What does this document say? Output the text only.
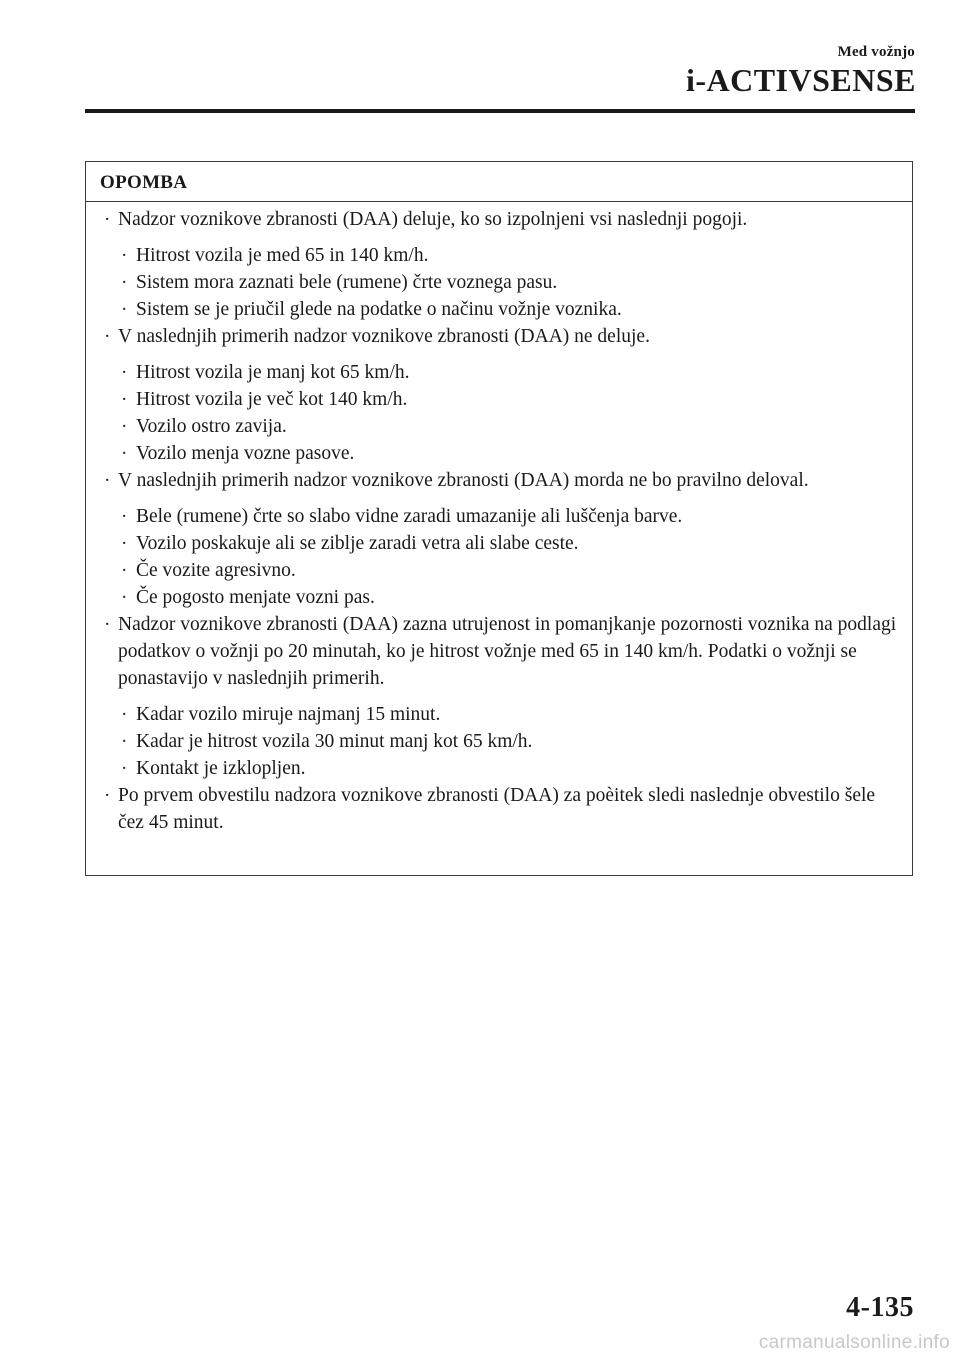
Med vožnjo
i-ACTIVSENSE
OPOMBA
· Nadzor voznikove zbranosti (DAA) deluje, ko so izpolnjeni vsi naslednji pogoji.
· Hitrost vozila je med 65 in 140 km/h.
· Sistem mora zaznati bele (rumene) črte voznega pasu.
· Sistem se je priučil glede na podatke o načinu vožnje voznika.
· V naslednjih primerih nadzor voznikove zbranosti (DAA) ne deluje.
· Hitrost vozila je manj kot 65 km/h.
· Hitrost vozila je več kot 140 km/h.
· Vozilo ostro zavija.
· Vozilo menja vozne pasove.
· V naslednjih primerih nadzor voznikove zbranosti (DAA) morda ne bo pravilno deloval.
· Bele (rumene) črte so slabo vidne zaradi umazanije ali luščenja barve.
· Vozilo poskakuje ali se ziblje zaradi vetra ali slabe ceste.
· Če vozite agresivno.
· Če pogosto menjate vozni pas.
· Nadzor voznikove zbranosti (DAA) zazna utrujenost in pomanjkanje pozornosti voznika na podlagi podatkov o vožnji po 20 minutah, ko je hitrost vožnje med 65 in 140 km/h. Podatki o vožnji se ponastavijo v naslednjih primerih.
· Kadar vozilo miruje najmanj 15 minut.
· Kadar je hitrost vozila 30 minut manj kot 65 km/h.
· Kontakt je izklopljen.
· Po prvem obvestilu nadzora voznikove zbranosti (DAA) za poèitek sledi naslednje obvestilo šele čez 45 minut.
4-135
carmanualsonline.info
